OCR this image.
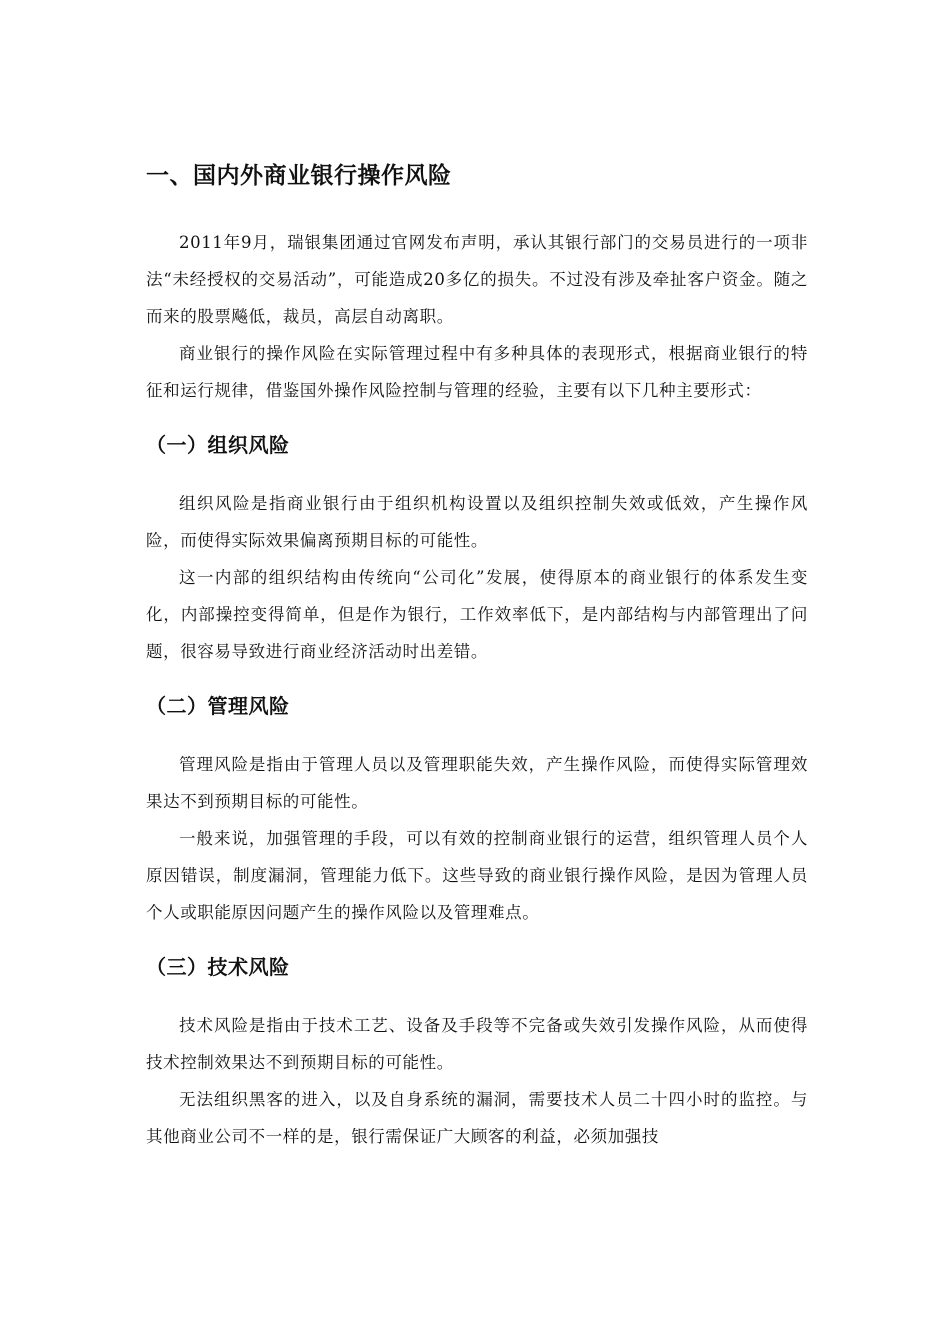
一、国内外商业银行操作风险

2011年9月，瑞银集团通过官网发布声明，承认其银行部门的交易员进行的一项非法“未经授权的交易活动”，可能造成20多亿的损失。不过没有涉及牵扯客户资金。随之而来的股票飚低，裁员，高层自动离职。

商业银行的操作风险在实际管理过程中有多种具体的表现形式，根据商业银行的特征和运行规律，借鉴国外操作风险控制与管理的经验，主要有以下几种主要形式：

（一）组织风险

组织风险是指商业银行由于组织机构设置以及组织控制失效或低效，产生操作风险，而使得实际效果偏离预期目标的可能性。

这一内部的组织结构由传统向“公司化”发展，使得原本的商业银行的体系发生变化，内部操控变得简单，但是作为银行，工作效率低下，是内部结构与内部管理出了问题，很容易导致进行商业经济活动时出差错。

（二）管理风险

管理风险是指由于管理人员以及管理职能失效，产生操作风险，而使得实际管理效果达不到预期目标的可能性。

一般来说，加强管理的手段，可以有效的控制商业银行的运营，组织管理人员个人原因错误，制度漏洞，管理能力低下。这些导致的商业银行操作风险，是因为管理人员个人或职能原因问题产生的操作风险以及管理难点。

（三）技术风险

技术风险是指由于技术工艺、设备及手段等不完备或失效引发操作风险，从而使得技术控制效果达不到预期目标的可能性。

无法组织黑客的进入，以及自身系统的漏洞，需要技术人员二十四小时的监控。与其他商业公司不一样的是，银行需保证广大顾客的利益，必须加强技
